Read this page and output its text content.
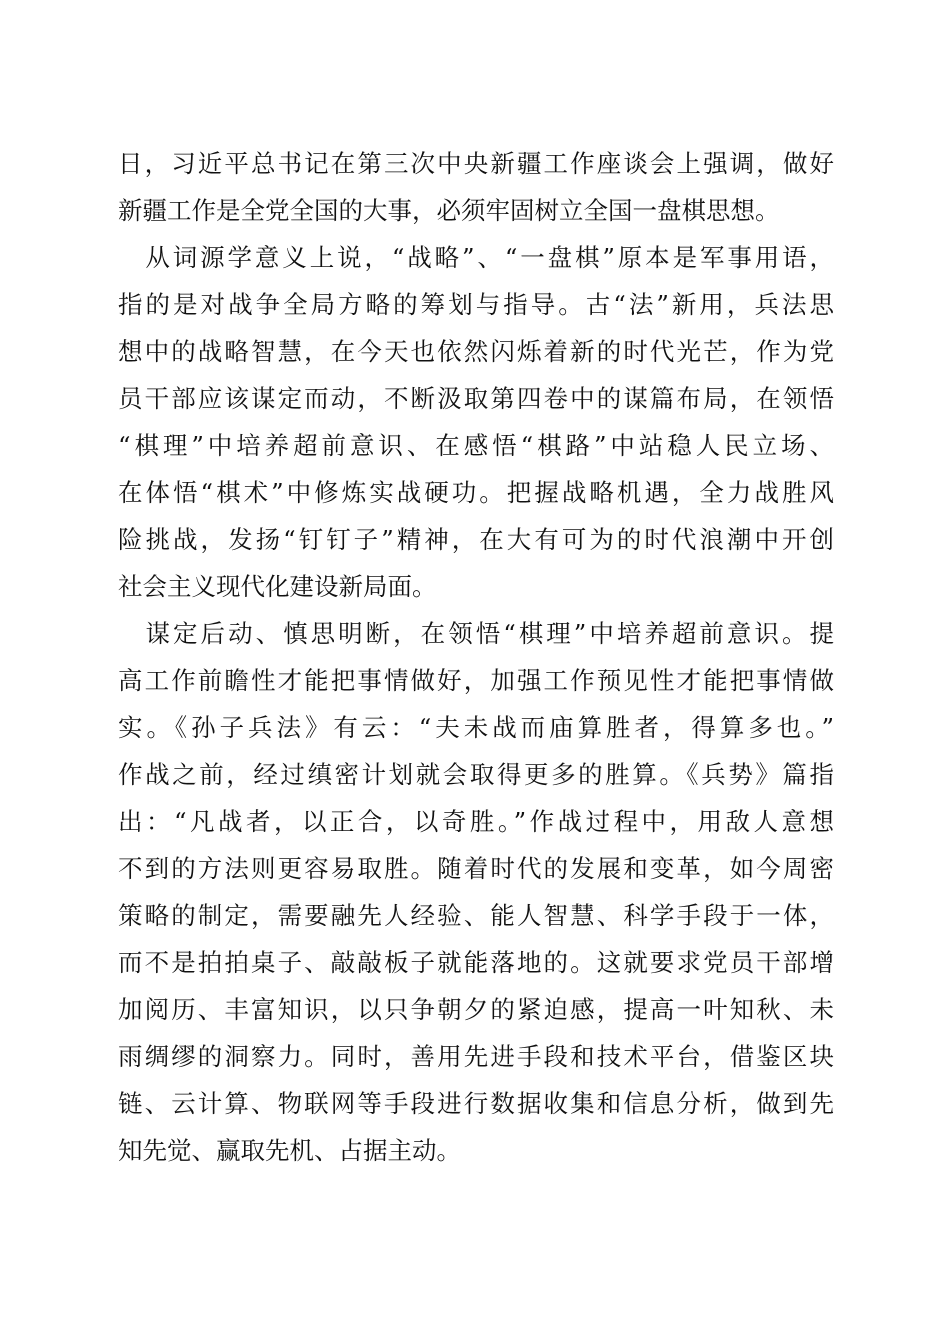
日，习近平总书记在第三次中央新疆工作座谈会上强调，做好
新疆工作是全党全国的大事，必须牢固树立全国一盘棋思想。
　从词源学意义上说，“战略”、“一盘棋”原本是军事用语，
指的是对战争全局方略的筹划与指导。古“法”新用，兵法思
想中的战略智慧，在今天也依然闪烁着新的时代光芒，作为党
员干部应该谋定而动，不断汲取第四卷中的谋篇布局，在领悟
“棋理”中培养超前意识、在感悟“棋路”中站稳人民立场、
在体悟“棋术”中修炼实战硬功。把握战略机遇，全力战胜风
险挑战，发扬“钉钉子”精神，在大有可为的时代浪潮中开创
社会主义现代化建设新局面。
　谋定后动、慎思明断，在领悟“棋理”中培养超前意识。提
高工作前瞻性才能把事情做好，加强工作预见性才能把事情做
实。《孙子兵法》有云：“夫未战而庙算胜者，得算多也。”
作战之前，经过缜密计划就会取得更多的胜算。《兵势》篇指
出：“凡战者，以正合，以奇胜。”作战过程中，用敌人意想
不到的方法则更容易取胜。随着时代的发展和变革，如今周密
策略的制定，需要融先人经验、能人智慧、科学手段于一体，
而不是拍拍桌子、敲敲板子就能落地的。这就要求党员干部增
加阅历、丰富知识，以只争朝夕的紧迫感，提高一叶知秋、未
雨绸缪的洞察力。同时，善用先进手段和技术平台，借鉴区块
链、云计算、物联网等手段进行数据收集和信息分析，做到先
知先觉、赢取先机、占据主动。
